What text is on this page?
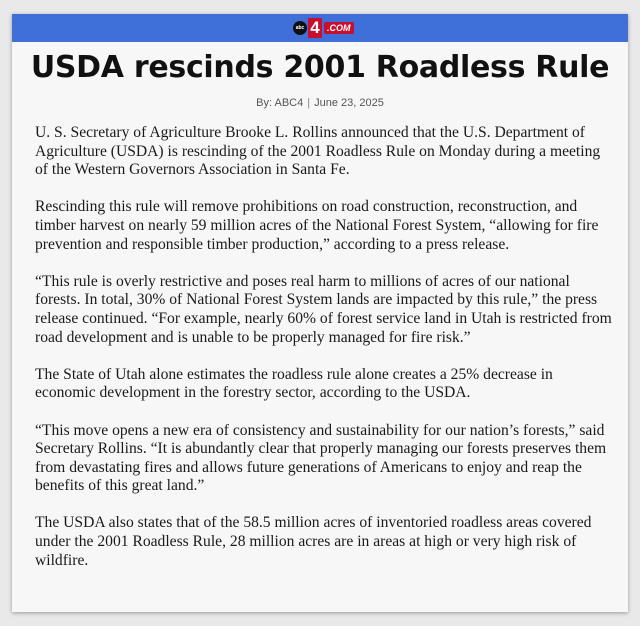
abc 4 .COM
USDA rescinds 2001 Roadless Rule
By: ABC4 | June 23, 2025

U. S. Secretary of Agriculture Brooke L. Rollins announced that the U.S. Department of Agriculture (USDA) is rescinding of the 2001 Roadless Rule on Monday during a meeting of the Western Governors Association in Santa Fe.

Rescinding this rule will remove prohibitions on road construction, reconstruction, and timber harvest on nearly 59 million acres of the National Forest System, “allowing for fire prevention and responsible timber production,” according to a press release.

“This rule is overly restrictive and poses real harm to millions of acres of our national forests. In total, 30% of National Forest System lands are impacted by this rule,” the press release continued. “For example, nearly 60% of forest service land in Utah is restricted from road development and is unable to be properly managed for fire risk.”

The State of Utah alone estimates the roadless rule alone creates a 25% decrease in economic development in the forestry sector, according to the USDA.

“This move opens a new era of consistency and sustainability for our nation’s forests,” said Secretary Rollins. “It is abundantly clear that properly managing our forests preserves them from devastating fires and allows future generations of Americans to enjoy and reap the benefits of this great land.”

The USDA also states that of the 58.5 million acres of inventoried roadless areas covered under the 2001 Roadless Rule, 28 million acres are in areas at high or very high risk of wildfire.
